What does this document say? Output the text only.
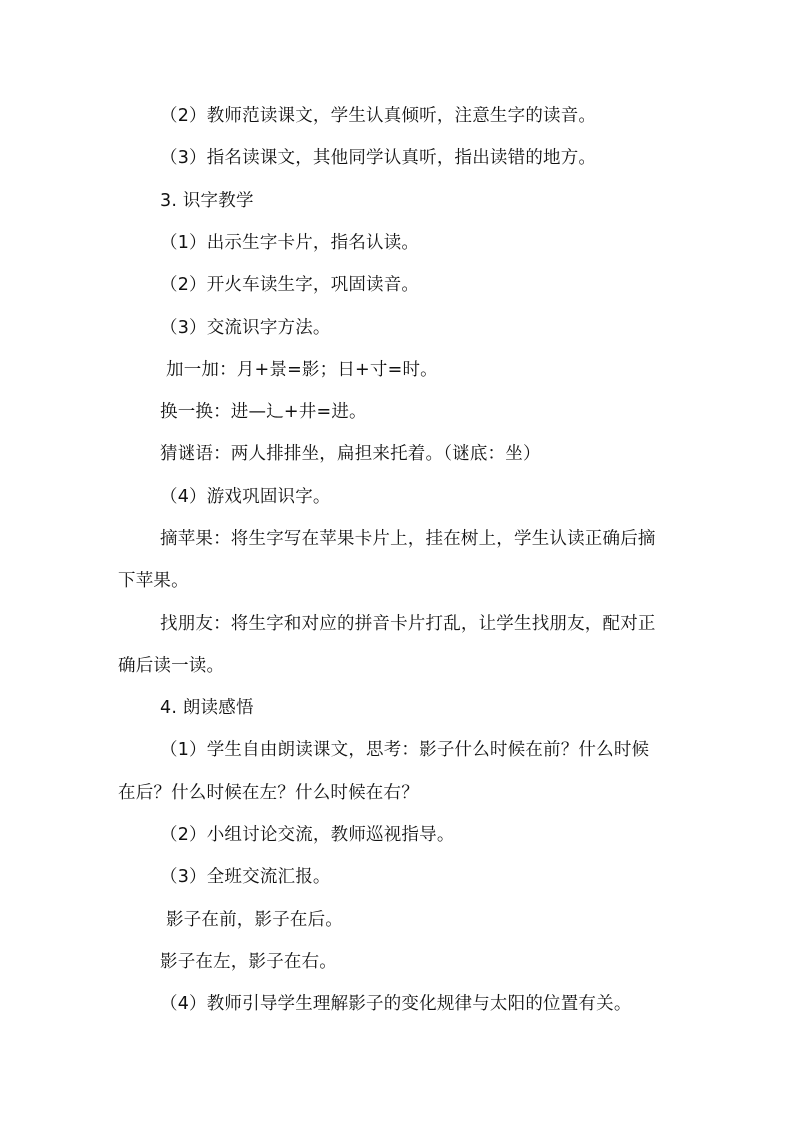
（2）教师范读课文，学生认真倾听，注意生字的读音。
（3）指名读课文，其他同学认真听，指出读错的地方。
3. 识字教学
（1）出示生字卡片，指名认读。
（2）开火车读生字，巩固读音。
（3）交流识字方法。
加一加：月+景=影；日+寸=时。
换一换：进—辶+井=进。
猜谜语：两人排排坐，扁担来托着。（谜底：坐）
（4）游戏巩固识字。
摘苹果：将生字写在苹果卡片上，挂在树上，学生认读正确后摘
下苹果。
找朋友：将生字和对应的拼音卡片打乱，让学生找朋友，配对正
确后读一读。
4. 朗读感悟
（1）学生自由朗读课文，思考：影子什么时候在前？什么时候
在后？什么时候在左？什么时候在右？
（2）小组讨论交流，教师巡视指导。
（3）全班交流汇报。
影子在前，影子在后。
影子在左，影子在右。
（4）教师引导学生理解影子的变化规律与太阳的位置有关。
